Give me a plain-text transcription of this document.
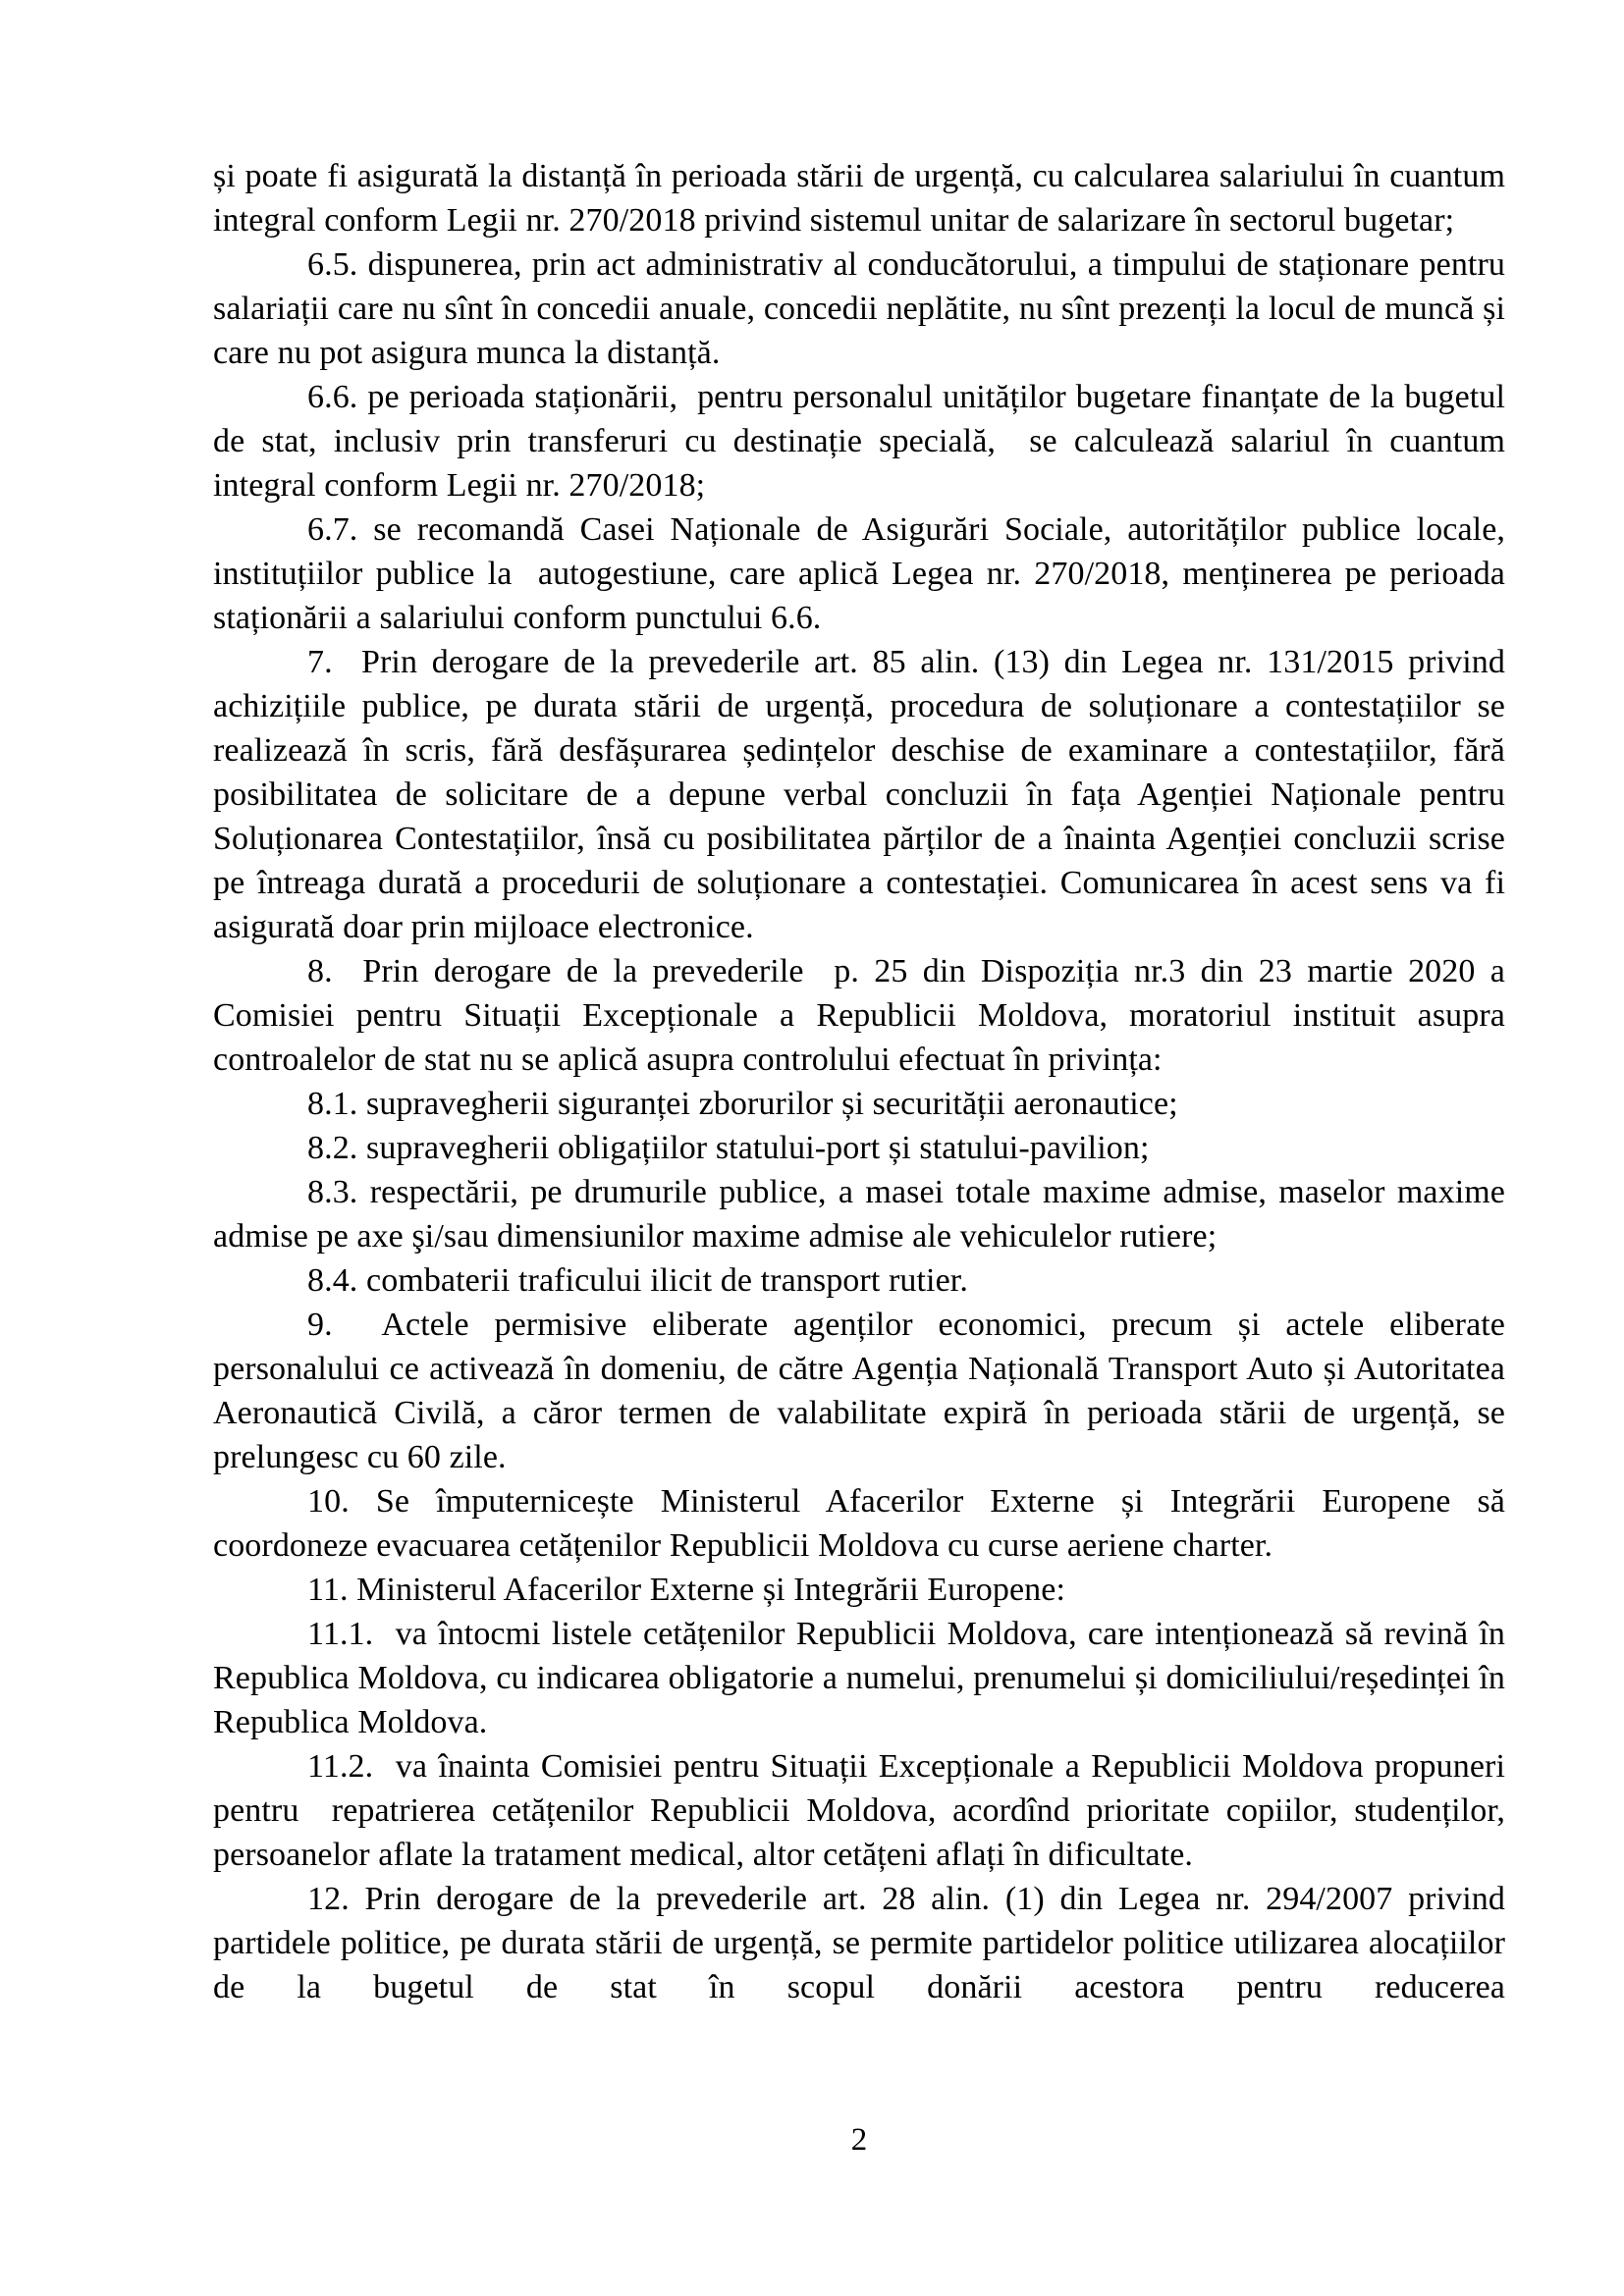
și poate fi asigurată la distanță în perioada stării de urgență, cu calcularea salariului în cuantum integral conform Legii nr. 270/2018 privind sistemul unitar de salarizare în sectorul bugetar;

6.5. dispunerea, prin act administrativ al conducătorului, a timpului de staționare pentru salariații care nu sînt în concedii anuale, concedii neplătite, nu sînt prezenți la locul de muncă și care nu pot asigura munca la distanță.

6.6. pe perioada staționării,  pentru personalul unităților bugetare finanțate de la bugetul de stat, inclusiv prin transferuri cu destinație specială,  se calculează salariul în cuantum integral conform Legii nr. 270/2018;

6.7. se recomandă Casei Naționale de Asigurări Sociale, autorităților publice locale, instituțiilor publice la  autogestiune, care aplică Legea nr. 270/2018, menținerea pe perioada staționării a salariului conform punctului 6.6.

7.  Prin derogare de la prevederile art. 85 alin. (13) din Legea nr. 131/2015 privind achizițiile publice, pe durata stării de urgență, procedura de soluționare a contestațiilor se realizează în scris, fără desfășurarea ședințelor deschise de examinare a contestațiilor, fără posibilitatea de solicitare de a depune verbal concluzii în fața Agenției Naționale pentru Soluționarea Contestațiilor, însă cu posibilitatea părților de a înainta Agenției concluzii scrise pe întreaga durată a procedurii de soluționare a contestației. Comunicarea în acest sens va fi asigurată doar prin mijloace electronice.

8.  Prin derogare de la prevederile  p. 25 din Dispoziția nr.3 din 23 martie 2020 a Comisiei pentru Situații Excepționale a Republicii Moldova, moratoriul instituit asupra controalelor de stat nu se aplică asupra controlului efectuat în privința:

8.1. supravegherii siguranței zborurilor și securității aeronautice;

8.2. supravegherii obligațiilor statului-port și statului-pavilion;

8.3. respectării, pe drumurile publice, a masei totale maxime admise, maselor maxime admise pe axe şi/sau dimensiunilor maxime admise ale vehiculelor rutiere;

8.4. combaterii traficului ilicit de transport rutier.

9.  Actele permisive eliberate agenților economici, precum și actele eliberate personalului ce activează în domeniu, de către Agenția Națională Transport Auto și Autoritatea Aeronautică Civilă, a căror termen de valabilitate expiră în perioada stării de urgență, se prelungesc cu 60 zile.

10. Se împuternicește Ministerul Afacerilor Externe și Integrării Europene să coordoneze evacuarea cetățenilor Republicii Moldova cu curse aeriene charter.

11. Ministerul Afacerilor Externe și Integrării Europene:

11.1.  va întocmi listele cetățenilor Republicii Moldova, care intenționează să revină în Republica Moldova, cu indicarea obligatorie a numelui, prenumelui și domiciliului/reședinței în Republica Moldova.

11.2.  va înainta Comisiei pentru Situații Excepționale a Republicii Moldova propuneri pentru  repatrierea cetățenilor Republicii Moldova, acordînd prioritate copiilor, studenților, persoanelor aflate la tratament medical, altor cetățeni aflați în dificultate.

12. Prin derogare de la prevederile art. 28 alin. (1) din Legea nr. 294/2007 privind partidele politice, pe durata stării de urgență, se permite partidelor politice utilizarea alocațiilor de la bugetul de stat în scopul donării acestora pentru reducerea

2
